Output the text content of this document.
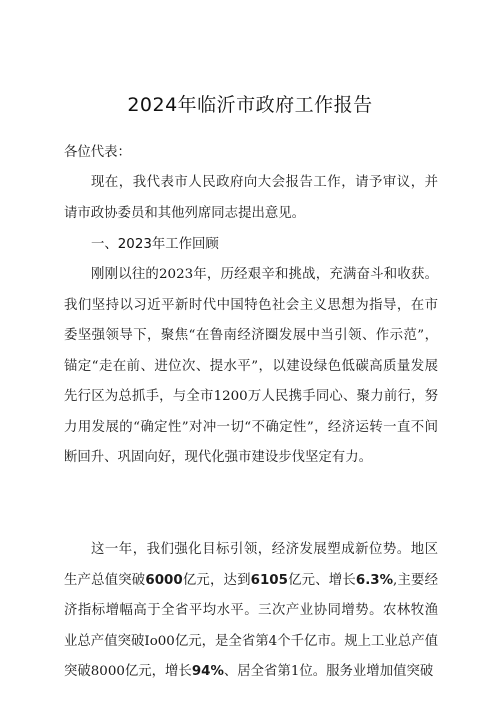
2024年临沂市政府工作报告

各位代表：

现在，我代表市人民政府向大会报告工作，请予审议，并请市政协委员和其他列席同志提出意见。

一、2023年工作回顾

刚刚以往的2023年，历经艰辛和挑战，充满奋斗和收获。我们坚持以习近平新时代中国特色社会主义思想为指导，在市委坚强领导下，聚焦“在鲁南经济圈发展中当引领、作示范”，锚定“走在前、进位次、提水平”，以建设绿色低碳高质量发展先行区为总抓手，与全市1200万人民携手同心、聚力前行，努力用发展的“确定性”对冲一切“不确定性”，经济运转一直不间断回升、巩固向好，现代化强市建设步伐坚定有力。

这一年，我们强化目标引领，经济发展塑成新位势。地区生产总值突破6000亿元，达到6105亿元、增长6.3%,主要经济指标增幅高于全省平均水平。三次产业协同增势。农林牧渔业总产值突破Io00亿元，是全省第4个千亿市。规上工业总产值突破8000亿元，增长94%、居全省第1位。服务业增加值突破
